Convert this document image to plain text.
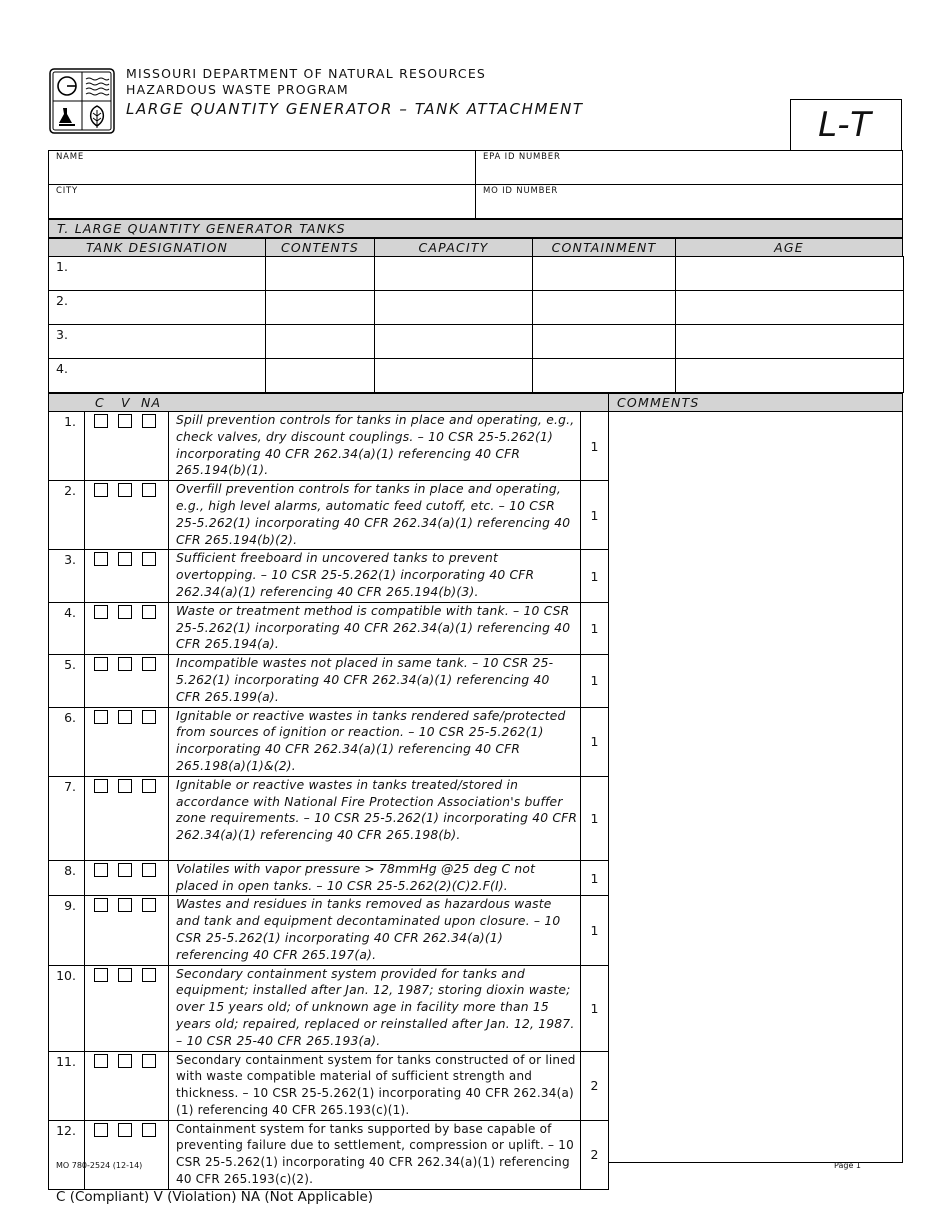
MISSOURI DEPARTMENT OF NATURAL RESOURCES
HAZARDOUS WASTE PROGRAM
LARGE QUANTITY GENERATOR – TANK ATTACHMENT	L-T
NAME	EPA ID NUMBER
CITY	MO ID NUMBER
T. LARGE QUANTITY GENERATOR TANKS
TANK DESIGNATION	CONTENTS	CAPACITY	CONTAINMENT	AGE
1.				

2.				

3.				

4.				

C V NA	COMMENTS
1.		Spill prevention controls for tanks in place and operating, e.g., check valves, dry discount couplings. – 10 CSR 25-5.262(1) incorporating 40 CFR 262.34(a)(1) referencing 40 CFR 265.194(b)(1).	1
2.		Overfill prevention controls for tanks in place and operating, e.g., high level alarms, automatic feed cutoff, etc. – 10 CSR 25-5.262(1) incorporating 40 CFR 262.34(a)(1) referencing 40 CFR 265.194(b)(2).	1
3.		Sufficient freeboard in uncovered tanks to prevent overtopping. – 10 CSR 25-5.262(1) incorporating 40 CFR 262.34(a)(1) referencing 40 CFR 265.194(b)(3).	1
4.		Waste or treatment method is compatible with tank. – 10 CSR 25-5.262(1) incorporating 40 CFR 262.34(a)(1) referencing 40 CFR 265.194(a).	1
5.		Incompatible wastes not placed in same tank. – 10 CSR 25-5.262(1) incorporating 40 CFR 262.34(a)(1) referencing 40 CFR 265.199(a).	1
6.		Ignitable or reactive wastes in tanks rendered safe/protected from sources of ignition or reaction. – 10 CSR 25-5.262(1) incorporating 40 CFR 262.34(a)(1) referencing 40 CFR 265.198(a)(1)&(2).	1
7.		Ignitable or reactive wastes in tanks treated/stored in accordance with National Fire Protection Association's buffer zone requirements. – 10 CSR 25-5.262(1) incorporating 40 CFR 262.34(a)(1) referencing 40 CFR 265.198(b).	1
8.		Volatiles with vapor pressure > 78mmHg @25 deg C not placed in open tanks. – 10 CSR 25-5.262(2)(C)2.F(I).	1
9.		Wastes and residues in tanks removed as hazardous waste and tank and equipment decontaminated upon closure. – 10 CSR 25-5.262(1) incorporating 40 CFR 262.34(a)(1) referencing 40 CFR 265.197(a).	1
10.		Secondary containment system provided for tanks and equipment; installed after Jan. 12, 1987; storing dioxin waste; over 15 years old; of unknown age in facility more than 15 years old; repaired, replaced or reinstalled after Jan. 12, 1987. – 10 CSR 25-40 CFR 265.193(a).	1
11.		Secondary containment system for tanks constructed of or lined with waste compatible material of sufficient strength and thickness. – 10 CSR 25-5.262(1) incorporating 40 CFR 262.34(a)(1) referencing 40 CFR 265.193(c)(1).	2
12.		Containment system for tanks supported by base capable of preventing failure due to settlement, compression or uplift. – 10 CSR 25-5.262(1) incorporating 40 CFR 262.34(a)(1) referencing 40 CFR 265.193(c)(2).	2
MO 780-2524 (12-14)	Page 1
C (Compliant) V (Violation) NA (Not Applicable)
